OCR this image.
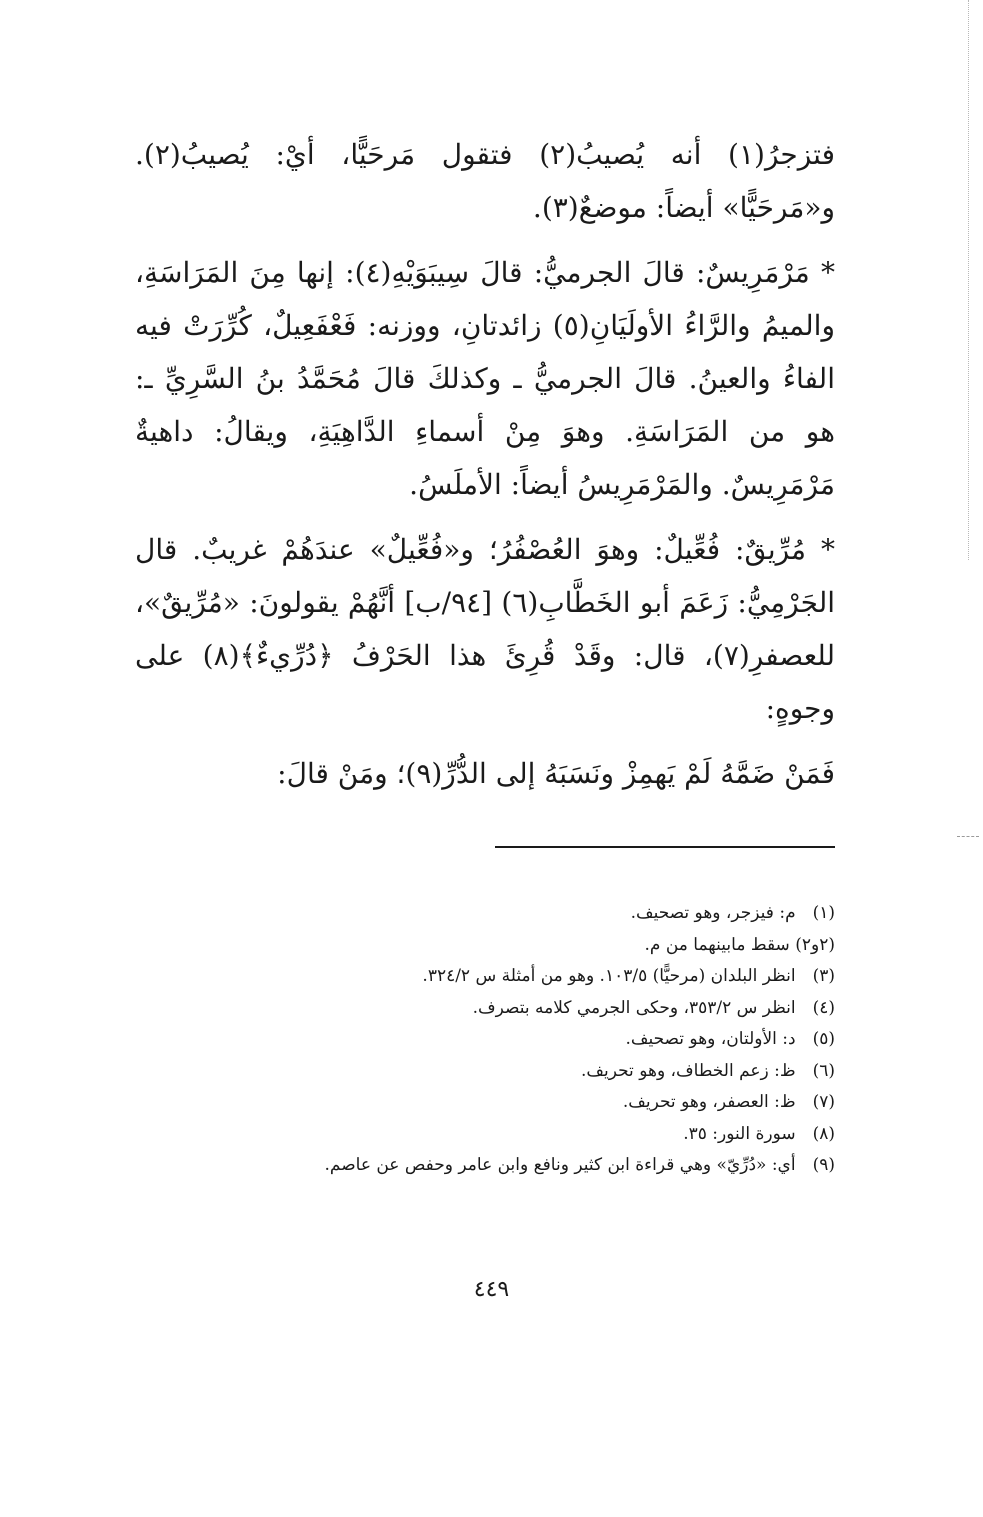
فتزجرُ(١) أنه يُصيبُ(٢) فتقول مَرحَيًّا، أيْ: يُصيبُ(٢). و«مَرحَيًّا» أيضاً: موضعٌ(٣).

* مَرْمَرِيسٌ: قالَ الجرميُّ: قالَ سِيبَوَيْهِ(٤): إنها مِنَ المَرَاسَةِ، والميمُ والرَّاءُ الأولَيَانِ(٥) زائدتانِ، ووزنه: فَعْفَعِيلٌ، كُرِّرَتْ فيه الفاءُ والعينُ. قالَ الجرميُّ ـ وكذلكَ قالَ مُحَمَّدُ بنُ السَّرِيِّ ـ: هو من المَرَاسَةِ. وهوَ مِنْ أسماءِ الدَّاهِيَةِ، ويقالُ: داهيةٌ مَرْمَرِيسٌ. والمَرْمَرِيسُ أيضاً: الأملَسُ.

* مُرِّيقٌ: فُعِّيلٌ: وهوَ العُصْفُرُ؛ و«فُعِّيلٌ» عندَهُمْ غريبٌ. قال الجَرْمِيُّ: زَعَمَ أبو الخَطَّابِ(٦) [٩٤/ب] أنَّهُمْ يقولونَ: «مُرِّيقٌ»، للعصفرِ(٧)، قال: وقَدْ قُرِئَ هذا الحَرْفُ ﴿دُرِّيءٌ﴾(٨) على وجوهٍ:

فَمَنْ ضَمَّهُ لَمْ يَهمِزْ ونَسَبَهُ إلى الدُّرِّ(٩)؛ ومَنْ قالَ:

(١) م: فيزجر، وهو تصحيف.
(٢و٢) سقط مابينهما من م.
(٣) انظر البلدان (مرحيًّا) ١٠٣/٥. وهو من أمثلة س ٣٢٤/٢.
(٤) انظر س ٣٥٣/٢، وحكى الجرمي كلامه بتصرف.
(٥) د: الأولتان، وهو تصحيف.
(٦) ظ: زعم الخطاف، وهو تحريف.
(٧) ظ: العصفر، وهو تحريف.
(٨) سورة النور: ٣٥.
(٩) أي: «دُرِّيّ» وهي قراءة ابن كثير ونافع وابن عامر وحفص عن عاصم.
٤٤٩
